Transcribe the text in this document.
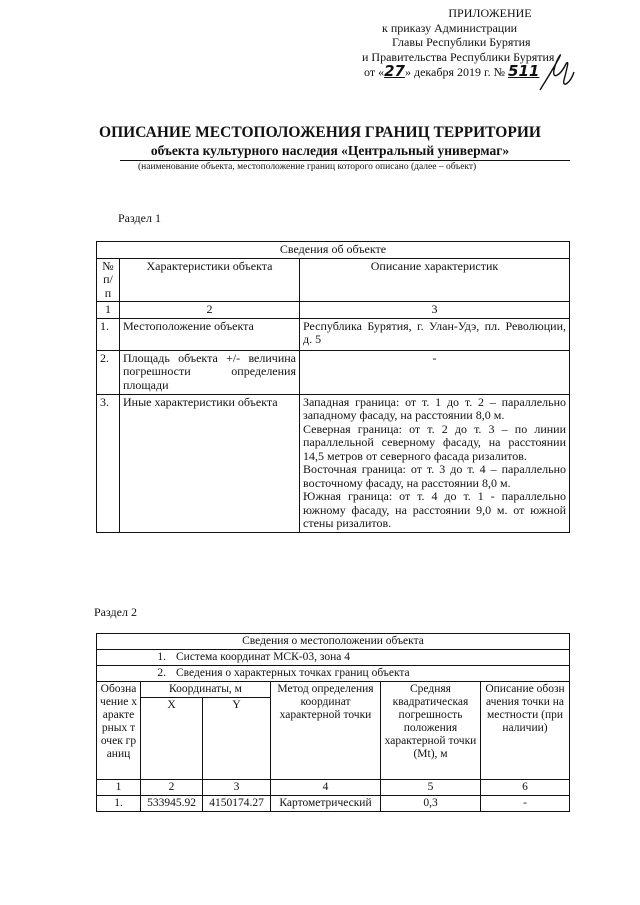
ПРИЛОЖЕНИЕ
к приказу Администрации
Главы Республики Бурятия
и Правительства Республики Бурятия
от «27» декабря 2019 г. № 511
ОПИСАНИЕ МЕСТОПОЛОЖЕНИЯ ГРАНИЦ ТЕРРИТОРИИ
объекта культурного наследия «Центральный универмаг»
(наименование объекта, местоположение границ которого описано (далее – объект)
Раздел 1
Сведения об объекте		
№ п/п	Характеристики объекта	Описание характеристик
1	2	3
1.	Местоположение объекта	Республика Бурятия, г. Улан-Удэ, пл. Революции, д. 5
2.	Площадь объекта +/- величина погрешности определения площади	-
3.	Иные характеристики объекта	Западная граница: от т. 1 до т. 2 – параллельно западному фасаду, на расстоянии 8,0 м.
Северная граница: от т. 2 до т. 3 – по линии параллельной северному фасаду, на расстоянии 14,5 метров от северного фасада ризалитов.
Восточная граница: от т. 3 до т. 4 – параллельно восточному фасаду, на расстоянии 8,0 м.
Южная граница: от т. 4 до т. 1 - параллельно южному фасаду, на расстоянии 9,0 м. от южной стены ризалитов.
Раздел 2
Сведения о местоположении объекта					
1. Система координат МСК-03, зона 4					
2. Сведения о характерных точках границ объекта					
Обозначение характерных точек границ	Координаты, м		Метод определения координат характерной точки	Средняя квадратическая погрешность положения характерной точки (Mt), м	Описание обозначения точки на местности (при наличии)
	X	Y			
1	2	3	4	5	6
1.	533945.92	4150174.27	Картометрический	0,3	-
